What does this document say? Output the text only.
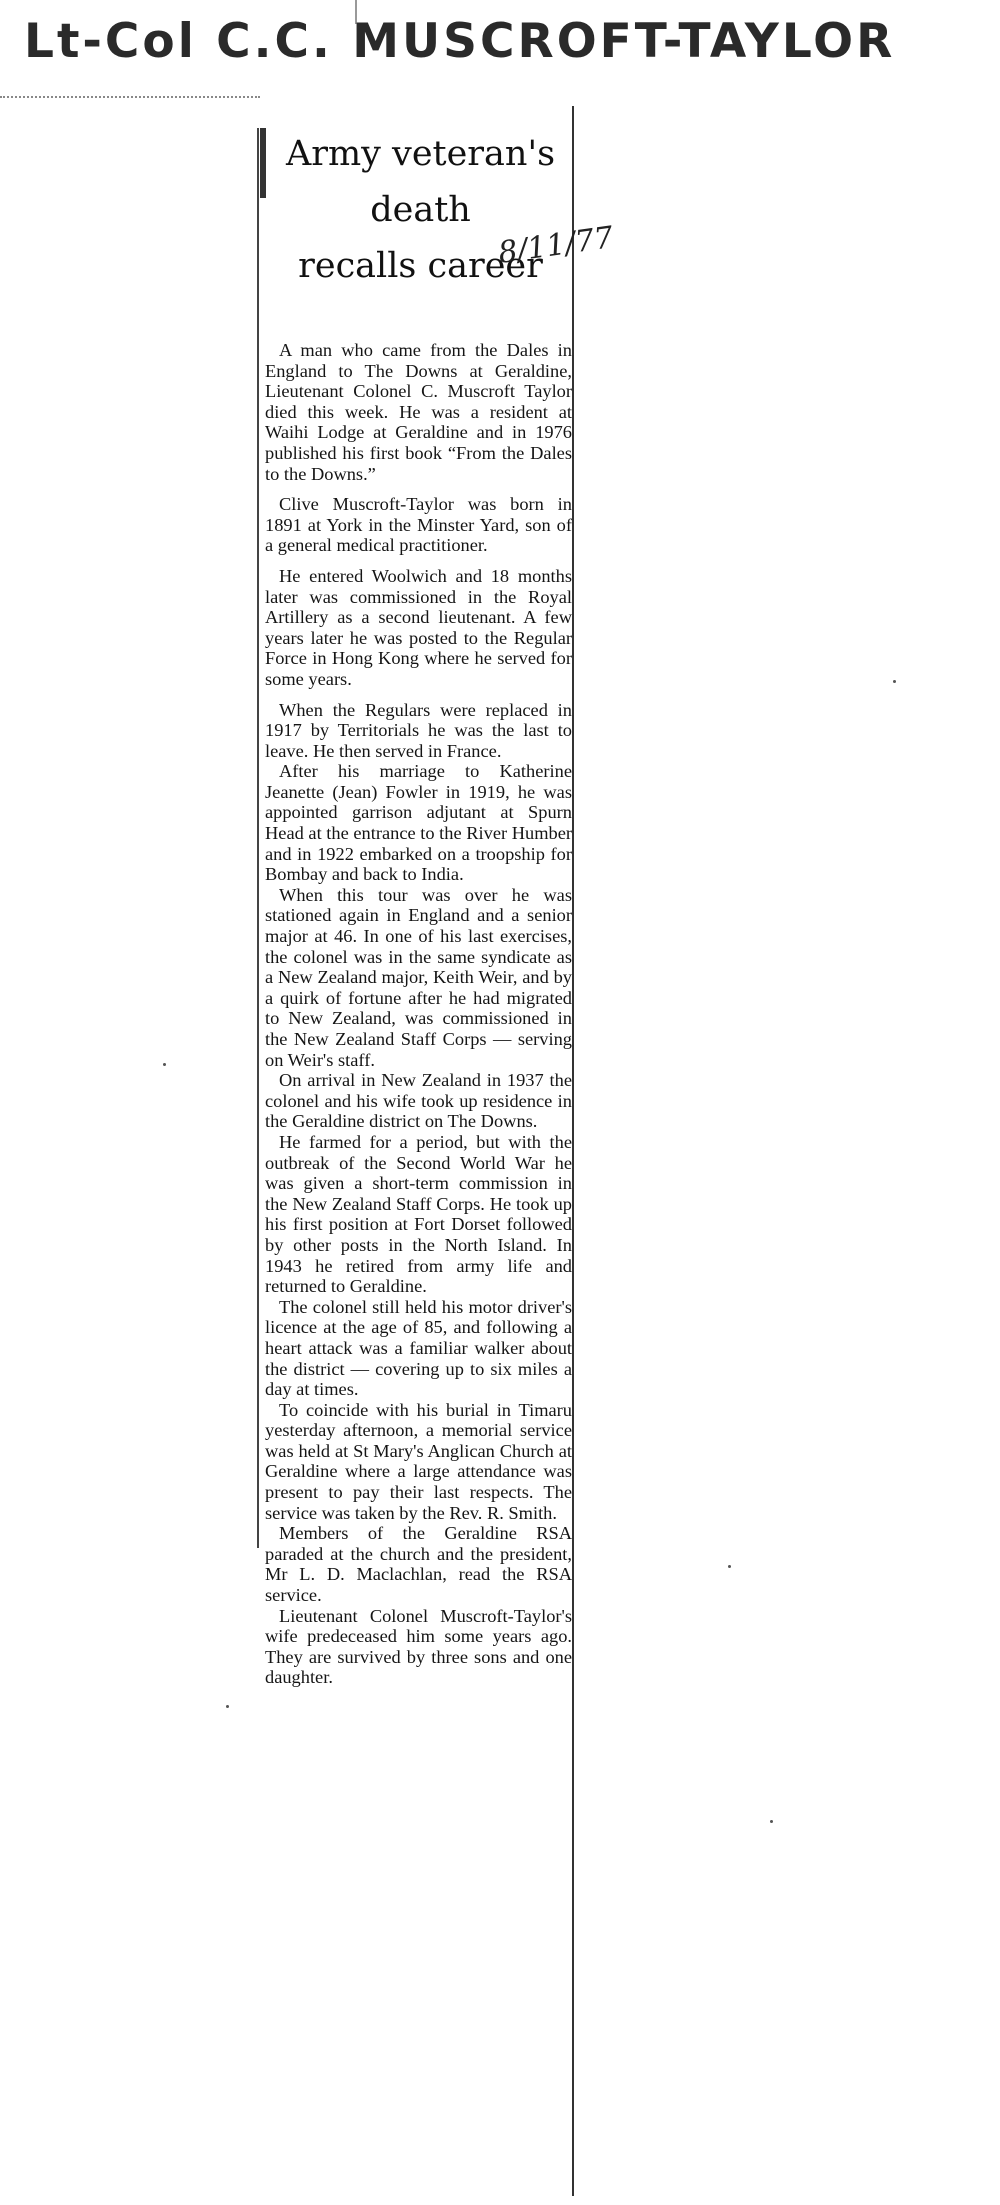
Lt-Col C.C. MUSCROFT-TAYLOR
Army veteran's
death
recalls career

A man who came from the Dales in England to The Downs at Geraldine, Lieutenant Colonel C. Muscroft Taylor died this week. He was a resident at Waihi Lodge at Geraldine and in 1976 published his first book “From the Dales to the Downs.”

Clive Muscroft-Taylor was born in 1891 at York in the Minster Yard, son of a general medical practitioner.

He entered Woolwich and 18 months later was commissioned in the Royal Artillery as a second lieutenant. A few years later he was posted to the Regular Force in Hong Kong where he served for some years.

When the Regulars were replaced in 1917 by Territorials he was the last to leave. He then served in France.

After his marriage to Katherine Jeanette (Jean) Fowler in 1919, he was appointed garrison adjutant at Spurn Head at the entrance to the River Humber and in 1922 embarked on a troopship for Bombay and back to India.

When this tour was over he was stationed again in England and a senior major at 46. In one of his last exercises, the colonel was in the same syndicate as a New Zealand major, Keith Weir, and by a quirk of fortune after he had migrated to New Zealand, was commissioned in the New Zealand Staff Corps — serving on Weir's staff.

On arrival in New Zealand in 1937 the colonel and his wife took up residence in the Geraldine district on The Downs.

He farmed for a period, but with the outbreak of the Second World War he was given a short-term commission in the New Zealand Staff Corps. He took up his first position at Fort Dorset followed by other posts in the North Island. In 1943 he retired from army life and returned to Geraldine.

The colonel still held his motor driver's licence at the age of 85, and following a heart attack was a familiar walker about the district — covering up to six miles a day at times.

To coincide with his burial in Timaru yesterday afternoon, a memorial service was held at St Mary's Anglican Church at Geraldine where a large attendance was present to pay their last respects. The service was taken by the Rev. R. Smith.

Members of the Geraldine RSA paraded at the church and the president, Mr L. D. Maclachlan, read the RSA service.

Lieutenant Colonel Muscroft-Taylor's wife predeceased him some years ago. They are survived by three sons and one daughter.

8/11/77
